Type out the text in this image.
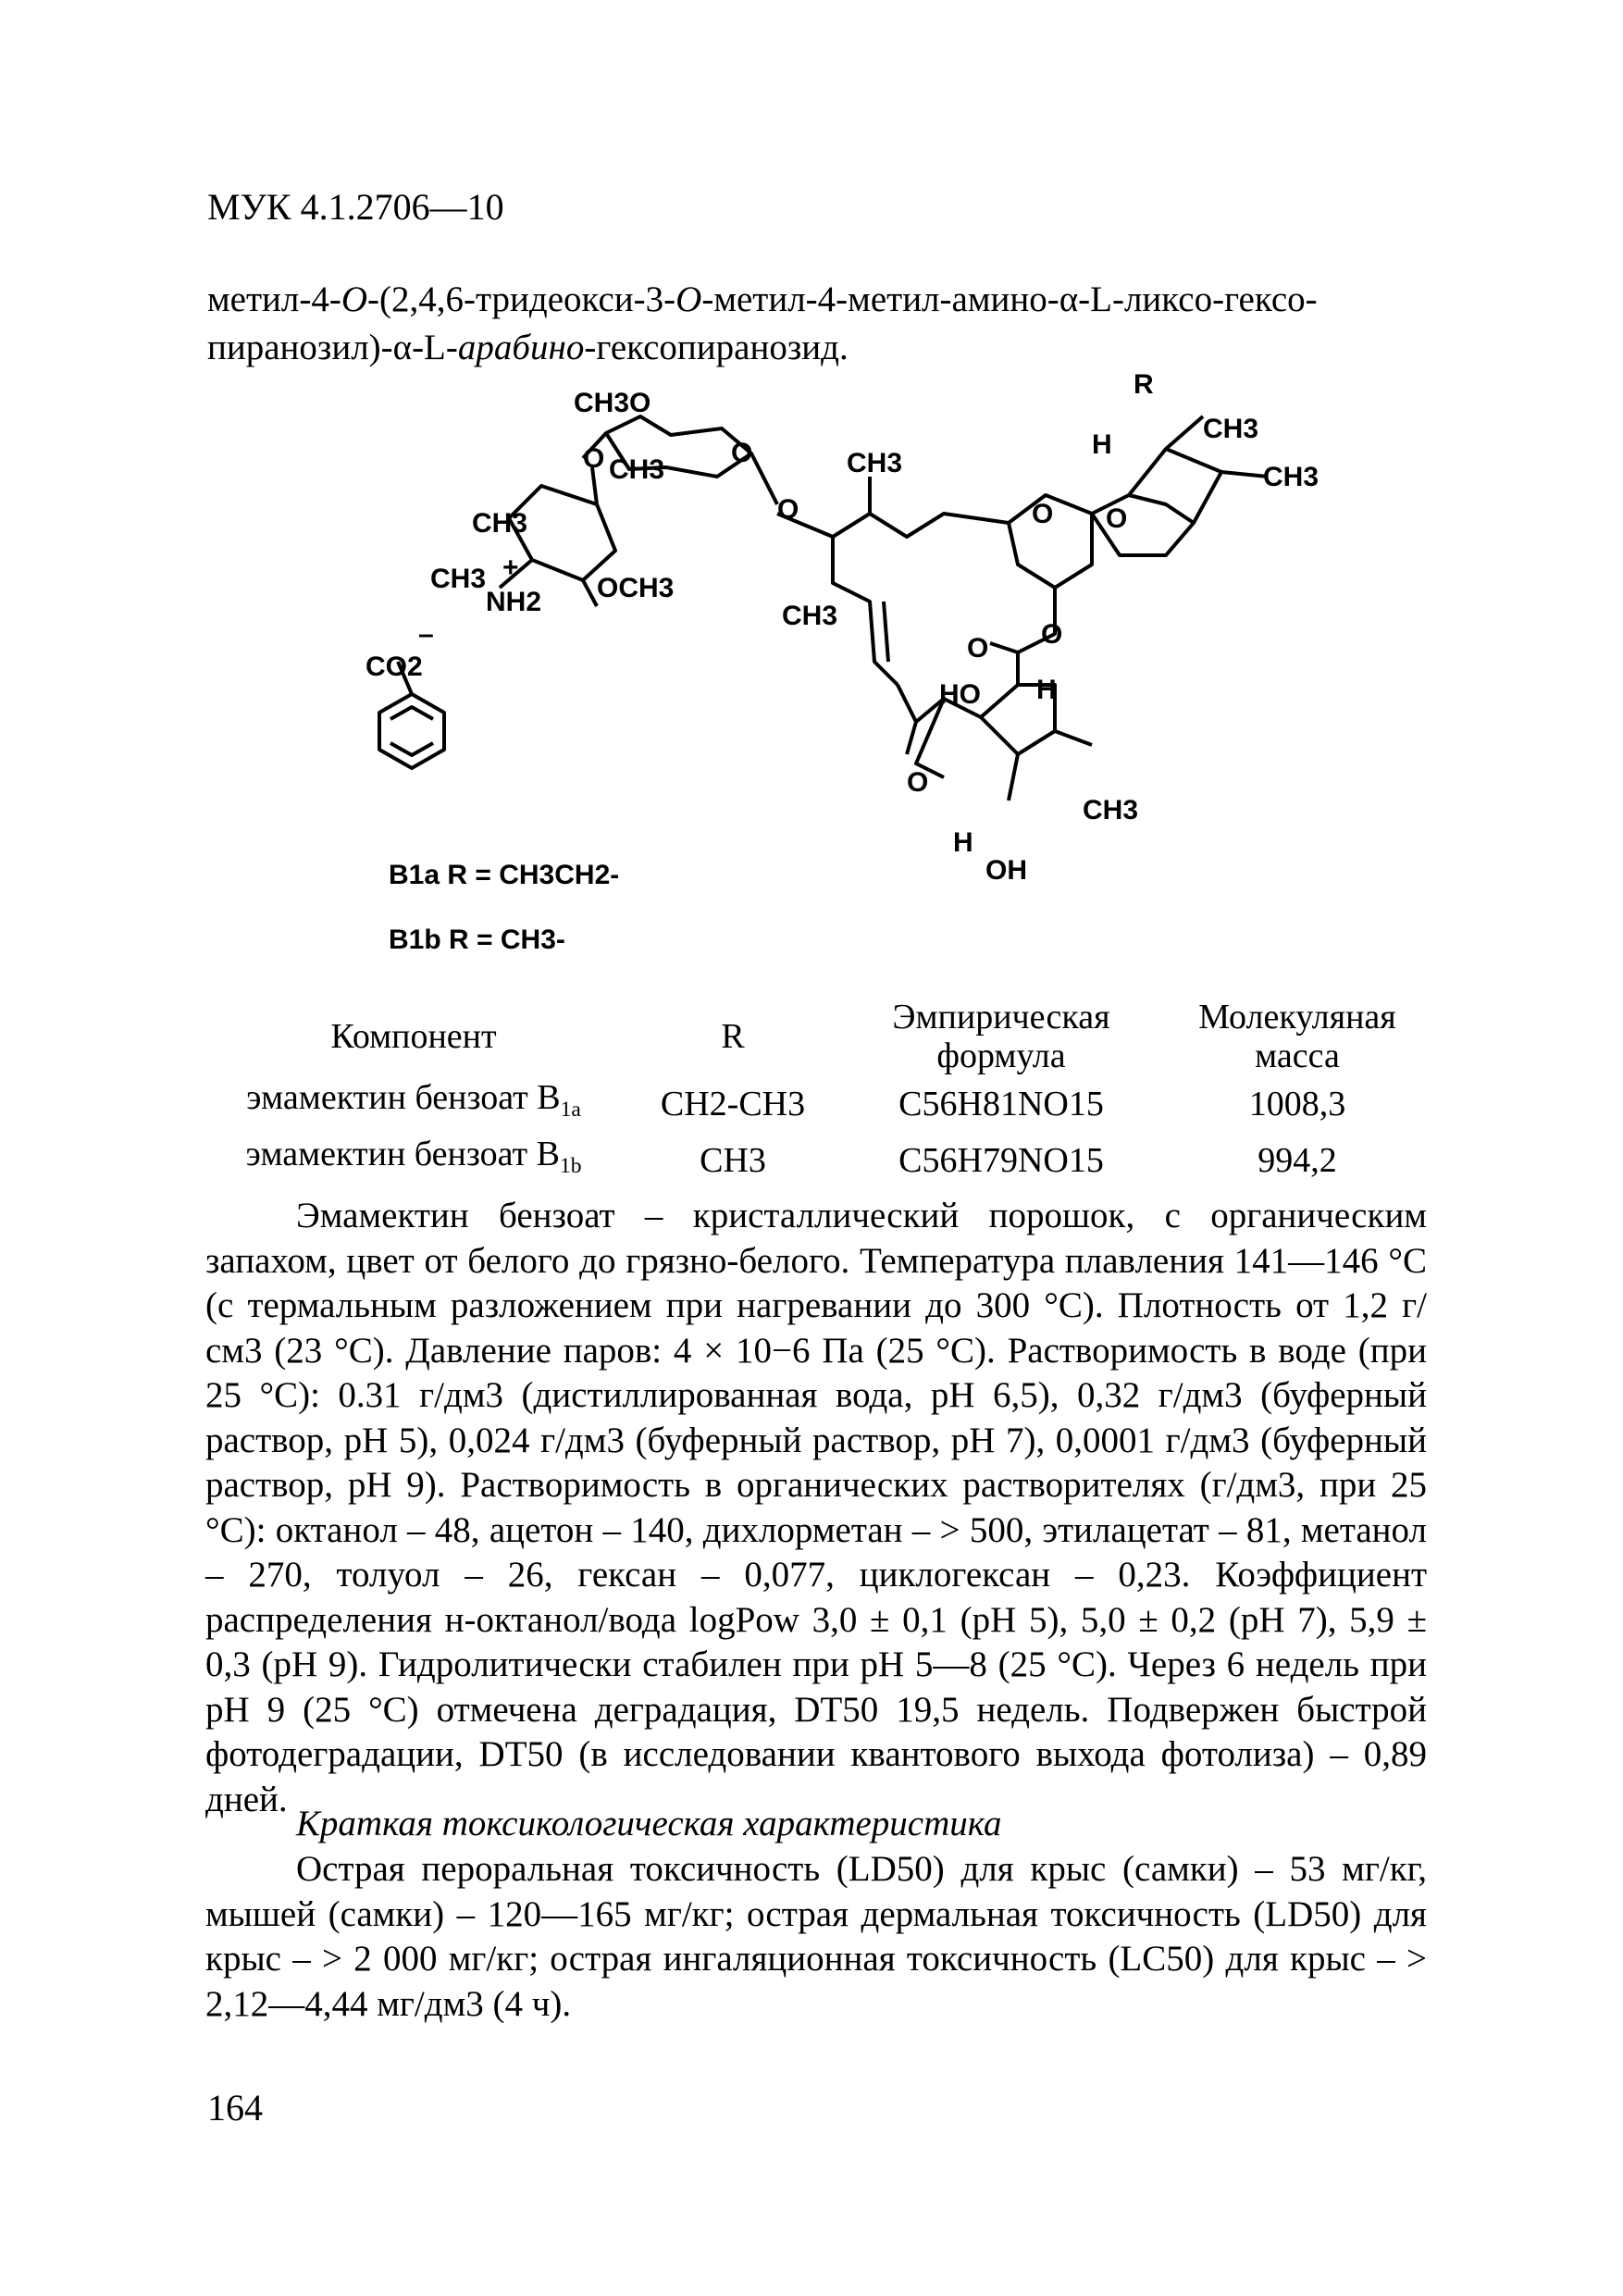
МУК 4.1.2706—10
метил-4-O-(2,4,6-тридеокси-3-O-метил-4-метил-амино-α-L-ликсо-гексо-
пиранозил)-α-L-арабино-гексопиранозид.
CH3O
O CH3
O
O
CH3
CH3
NH2
+
OCH3
CO2
–
R
H
CH3
CH3
CH3
CH3
O O
O O
HO H
H
CH3
OH
O
B1a R = CH3CH2-
B1b R = CH3-
Компонент	R	Эмпирическая формула	Молекуляная масса
эмамектин бензоат $B_{1a}$	CH2-CH3	C56H81NO15	1008,3
эмамектин бензоат $B_{1b}$	CH3	C56H79NO15	994,2
Эмамектин бензоат – кристаллический порошок, с органическим запахом, цвет от белого до грязно-белого. Температура плавления 141—146 °С (с термальным разложением при нагревании до 300 °С). Плотность от 1,2 г/см3 (23 °С). Давление паров: 4 × 10−6 Па (25 °С). Растворимость в воде (при 25 °С): 0.31 г/дм3 (дистиллированная вода, pH 6,5), 0,32 г/дм3 (буферный раствор, pH 5), 0,024 г/дм3 (буферный раствор, pH 7), 0,0001 г/дм3 (буферный раствор, pH 9). Растворимость в органических растворителях (г/дм3, при 25 °С): октанол – 48, ацетон – 140, дихлорметан – > 500, этилацетат – 81, метанол – 270, толуол – 26, гексан – 0,077, циклогексан – 0,23. Коэффициент распределения н-октанол/вода logPow 3,0 ± 0,1 (pH 5), 5,0 ± 0,2 (pH 7), 5,9 ± 0,3 (pH 9). Гидролитически стабилен при pH 5—8 (25 °С). Через 6 недель при pH 9 (25 °С) отмечена деградация, DT50 19,5 недель. Подвержен быстрой фотодеградации, DT50 (в исследовании квантового выхода фотолиза) – 0,89 дней.
Краткая токсикологическая характеристика
Острая пероральная токсичность (LD50) для крыс (самки) – 53 мг/кг, мышей (самки) – 120—165 мг/кг; острая дермальная токсичность (LD50) для крыс – > 2 000 мг/кг; острая ингаляционная токсичность (LC50) для крыс – > 2,12—4,44 мг/дм3 (4 ч).
164
